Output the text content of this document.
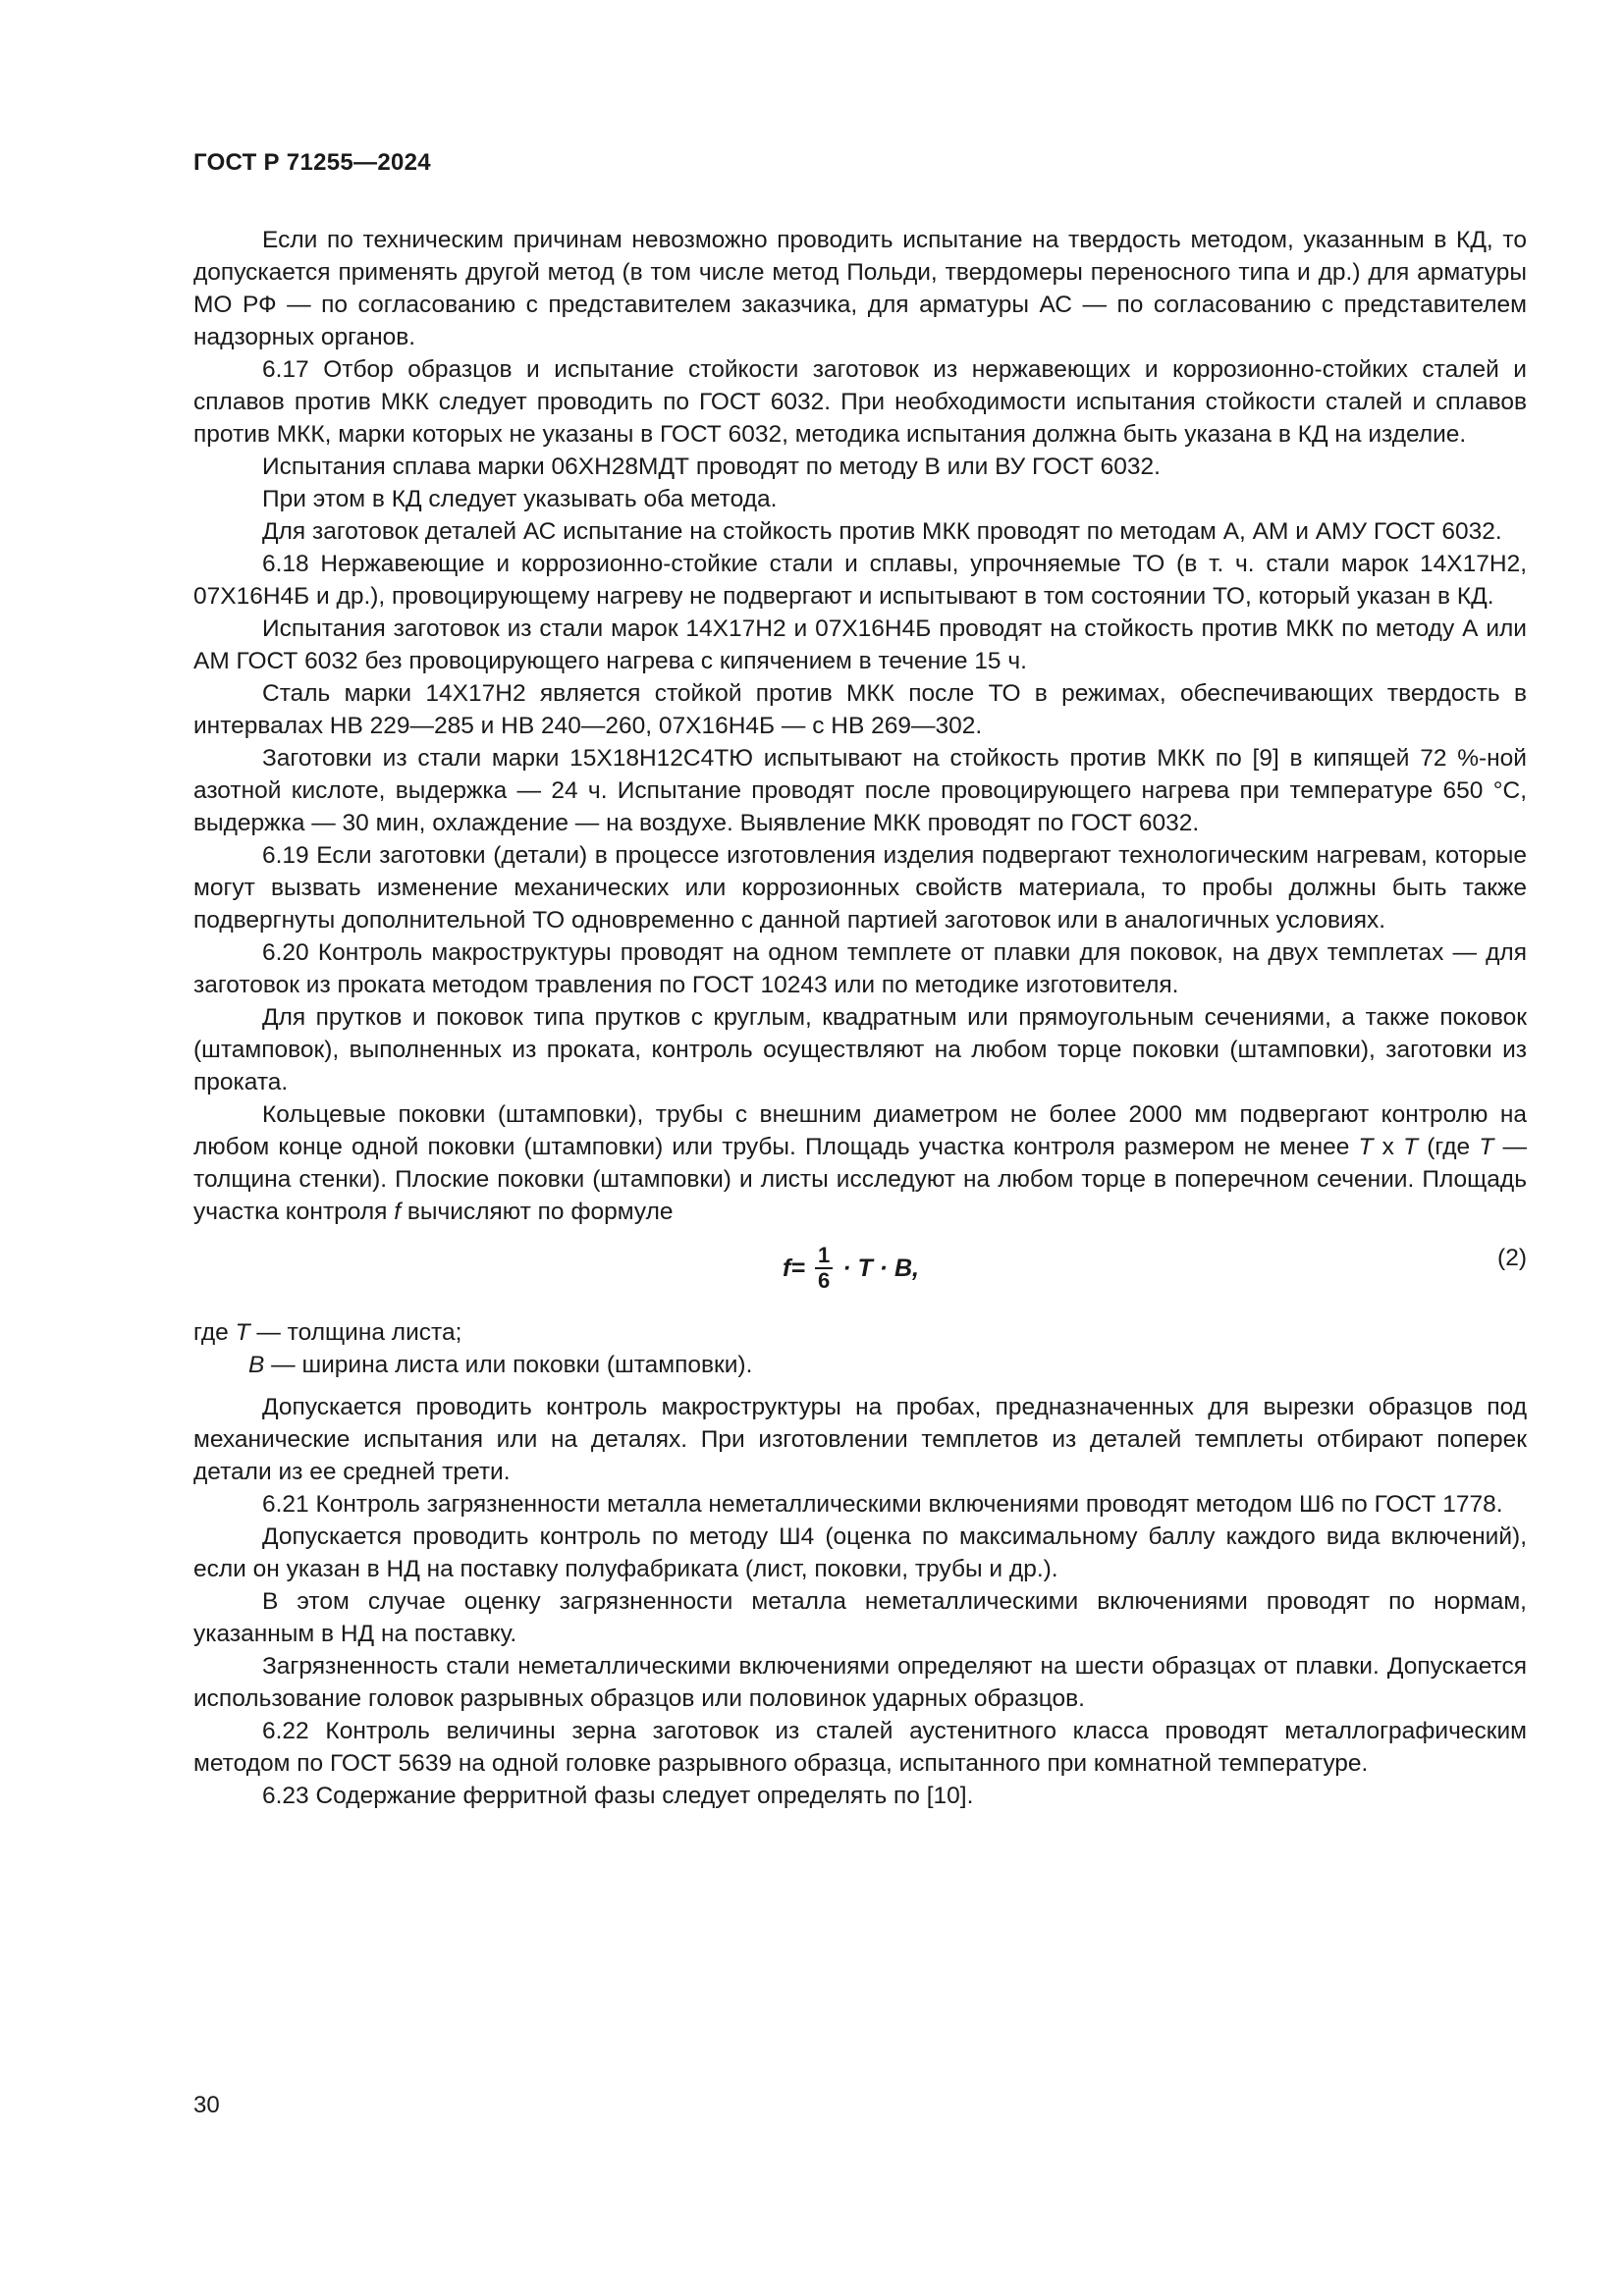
ГОСТ Р 71255—2024

Если по техническим причинам невозможно проводить испытание на твердость методом, указанным в КД, то допускается применять другой метод (в том числе метод Польди, твердомеры переносного типа и др.) для арматуры МО РФ — по согласованию с представителем заказчика, для арматуры АС — по согласованию с представителем надзорных органов.

6.17 Отбор образцов и испытание стойкости заготовок из нержавеющих и коррозионно-стойких сталей и сплавов против МКК следует проводить по ГОСТ 6032. При необходимости испытания стойкости сталей и сплавов против МКК, марки которых не указаны в ГОСТ 6032, методика испытания должна быть указана в КД на изделие.

Испытания сплава марки 06ХН28МДТ проводят по методу В или ВУ ГОСТ 6032.

При этом в КД следует указывать оба метода.

Для заготовок деталей АС испытание на стойкость против МКК проводят по методам А, АМ и АМУ ГОСТ 6032.

6.18 Нержавеющие и коррозионно-стойкие стали и сплавы, упрочняемые ТО (в т. ч. стали марок 14Х17Н2, 07Х16Н4Б и др.), провоцирующему нагреву не подвергают и испытывают в том состоянии ТО, который указан в КД.

Испытания заготовок из стали марок 14Х17Н2 и 07Х16Н4Б проводят на стойкость против МКК по методу А или АМ ГОСТ 6032 без провоцирующего нагрева с кипячением в течение 15 ч.

Сталь марки 14Х17Н2 является стойкой против МКК после ТО в режимах, обеспечивающих твердость в интервалах НВ 229—285 и НВ 240—260, 07Х16Н4Б — с НВ 269—302.

Заготовки из стали марки 15Х18Н12С4ТЮ испытывают на стойкость против МКК по [9] в кипящей 72 %-ной азотной кислоте, выдержка — 24 ч. Испытание проводят после провоцирующего нагрева при температуре 650 °С, выдержка — 30 мин, охлаждение — на воздухе. Выявление МКК проводят по ГОСТ 6032.

6.19 Если заготовки (детали) в процессе изготовления изделия подвергают технологическим нагревам, которые могут вызвать изменение механических или коррозионных свойств материала, то пробы должны быть также подвергнуты дополнительной ТО одновременно с данной партией заготовок или в аналогичных условиях.

6.20 Контроль макроструктуры проводят на одном темплете от плавки для поковок, на двух темплетах — для заготовок из проката методом травления по ГОСТ 10243 или по методике изготовителя.

Для прутков и поковок типа прутков с круглым, квадратным или прямоугольным сечениями, а также поковок (штамповок), выполненных из проката, контроль осуществляют на любом торце поковки (штамповки), заготовки из проката.

Кольцевые поковки (штамповки), трубы с внешним диаметром не более 2000 мм подвергают контролю на любом конце одной поковки (штамповки) или трубы. Площадь участка контроля размером не менее T х T (где T — толщина стенки). Плоские поковки (штамповки) и листы исследуют на любом торце в поперечном сечении. Площадь участка контроля f вычисляют по формуле

$f = \frac{1}{6} \cdot T \cdot B$,	(2)
где T — толщина листа;
B — ширина листа или поковки (штамповки).

Допускается проводить контроль макроструктуры на пробах, предназначенных для вырезки образцов под механические испытания или на деталях. При изготовлении темплетов из деталей темплеты отбирают поперек детали из ее средней трети.

6.21 Контроль загрязненности металла неметаллическими включениями проводят методом Ш6 по ГОСТ 1778.

Допускается проводить контроль по методу Ш4 (оценка по максимальному баллу каждого вида включений), если он указан в НД на поставку полуфабриката (лист, поковки, трубы и др.).

В этом случае оценку загрязненности металла неметаллическими включениями проводят по нормам, указанным в НД на поставку.

Загрязненность стали неметаллическими включениями определяют на шести образцах от плавки. Допускается использование головок разрывных образцов или половинок ударных образцов.

6.22 Контроль величины зерна заготовок из сталей аустенитного класса проводят металлографическим методом по ГОСТ 5639 на одной головке разрывного образца, испытанного при комнатной температуре.

6.23 Содержание ферритной фазы следует определять по [10].

30
